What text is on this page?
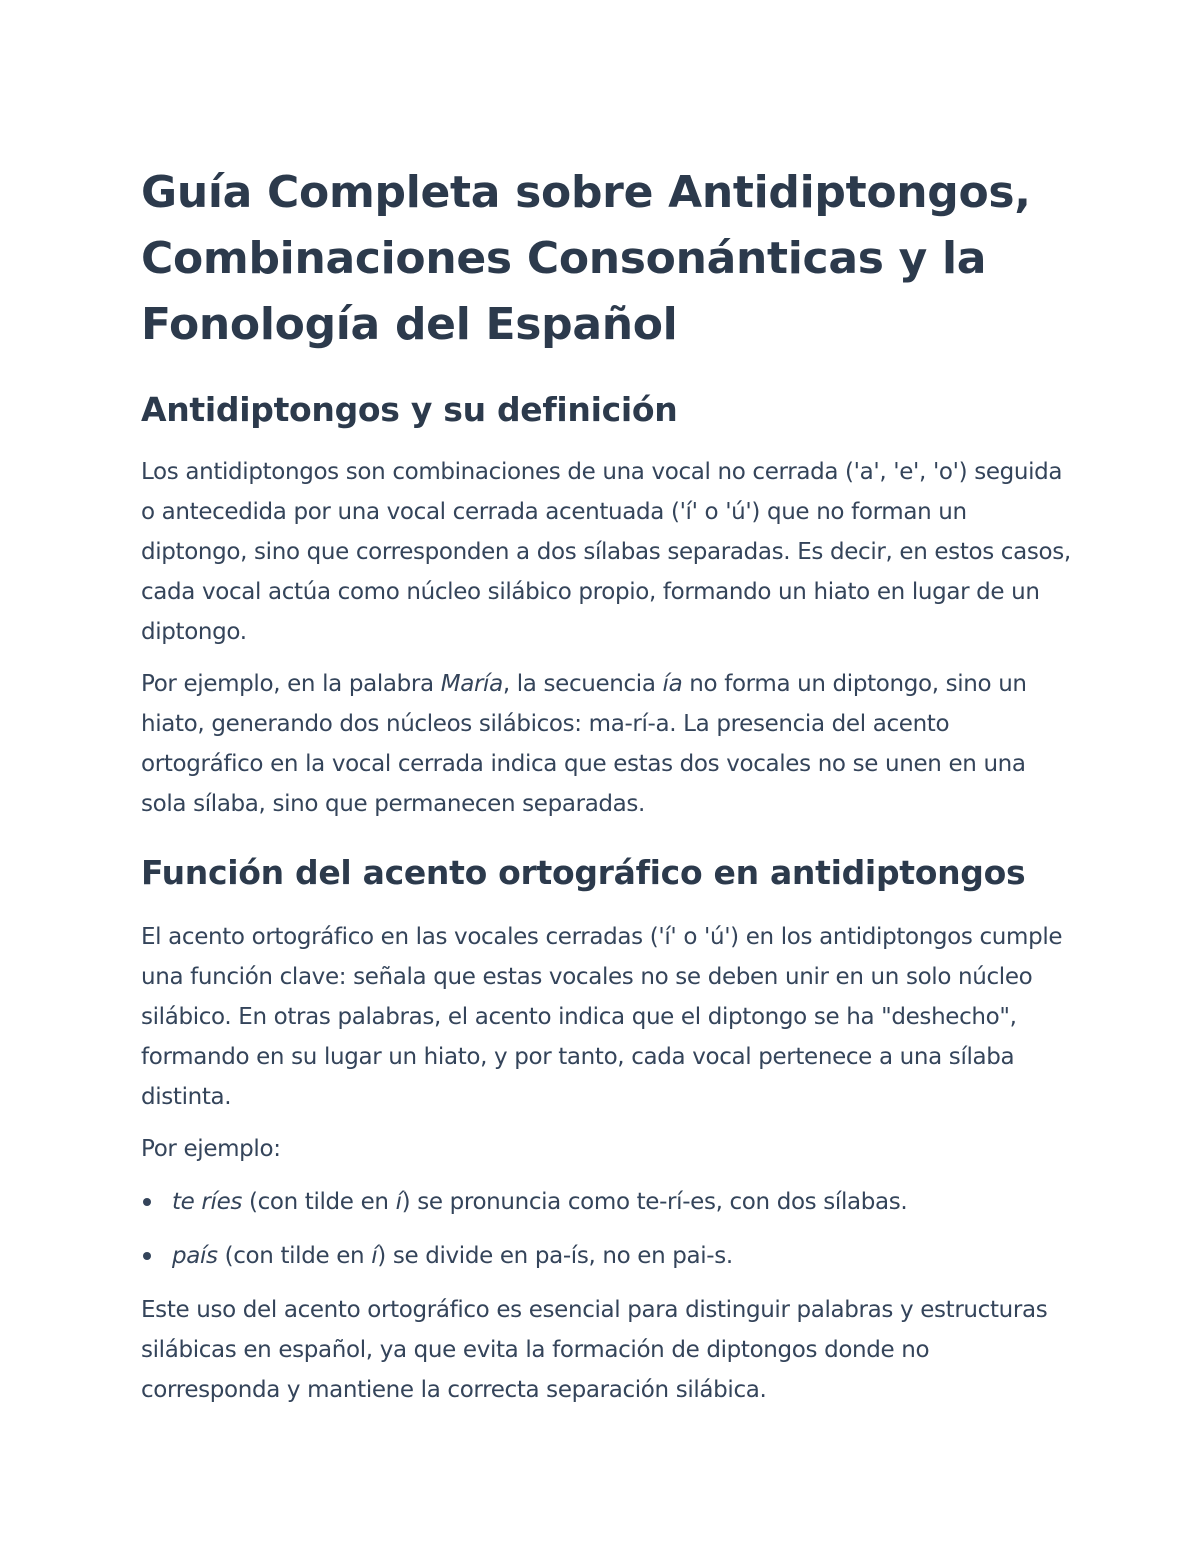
Guía Completa sobre Antidiptongos, Combinaciones Consonánticas y la Fonología del Español
Antidiptongos y su definición

Los antidiptongos son combinaciones de una vocal no cerrada ('a', 'e', 'o') seguida o antecedida por una vocal cerrada acentuada ('í' o 'ú') que no forman un diptongo, sino que corresponden a dos sílabas separadas. Es decir, en estos casos, cada vocal actúa como núcleo silábico propio, formando un hiato en lugar de un diptongo.

Por ejemplo, en la palabra María, la secuencia ía no forma un diptongo, sino un hiato, generando dos núcleos silábicos: ma-rí-a. La presencia del acento ortográfico en la vocal cerrada indica que estas dos vocales no se unen en una sola sílaba, sino que permanecen separadas.

Función del acento ortográfico en antidiptongos

El acento ortográfico en las vocales cerradas ('í' o 'ú') en los antidiptongos cumple una función clave: señala que estas vocales no se deben unir en un solo núcleo silábico. En otras palabras, el acento indica que el diptongo se ha "deshecho", formando en su lugar un hiato, y por tanto, cada vocal pertenece a una sílaba distinta.

Por ejemplo:

te ríes (con tilde en í) se pronuncia como te-rí-es, con dos sílabas.
país (con tilde en í) se divide en pa-ís, no en pai-s.

Este uso del acento ortográfico es esencial para distinguir palabras y estructuras silábicas en español, ya que evita la formación de diptongos donde no corresponda y mantiene la correcta separación silábica.
